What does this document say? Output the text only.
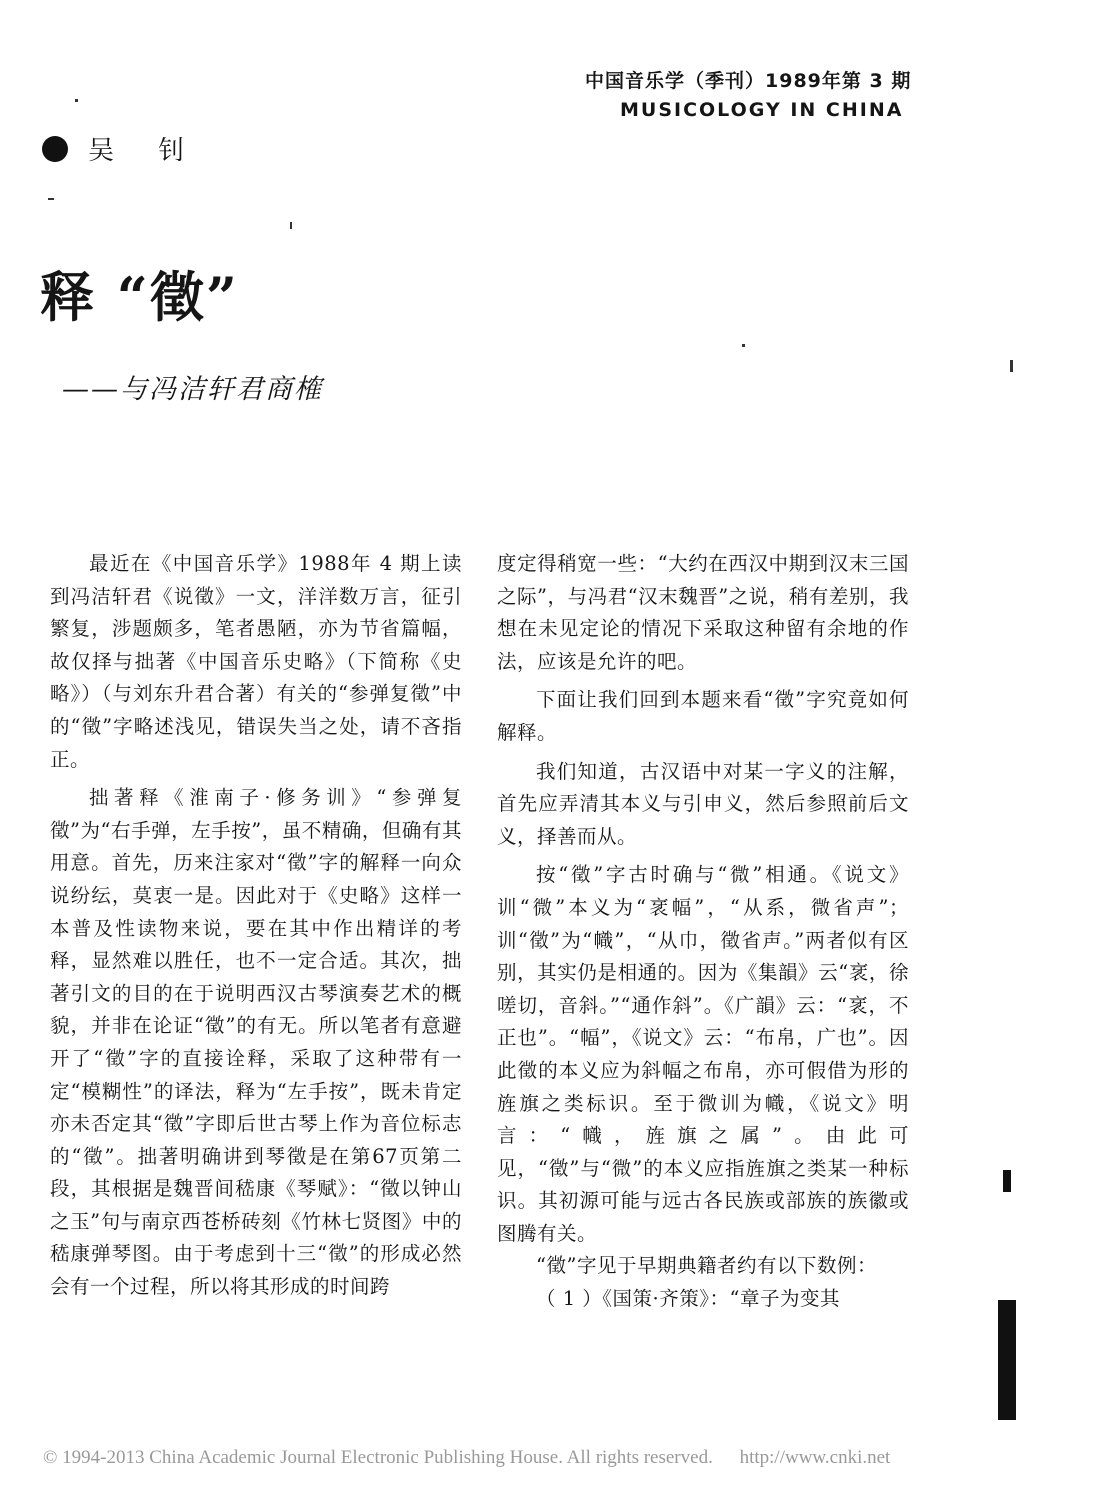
中国音乐学（季刊）1989年第 3 期
MUSICOLOGY IN CHINA
吴 钊
释 “徵”
——与冯洁轩君商榷

最近在《中国音乐学》1988年 4 期上读到冯洁轩君《说徵》一文，洋洋数万言，征引繁复，涉题颇多，笔者愚陋，亦为节省篇幅，故仅择与拙著《中国音乐史略》（下简称《史略》）（与刘东升君合著）有关的“参弹复徵”中的“徵”字略述浅见，错误失当之处，请不吝指正。

拙著释《淮南子·修务训》“参弹复徵”为“右手弹，左手按”，虽不精确，但确有其用意。首先，历来注家对“徵”字的解释一向众说纷纭，莫衷一是。因此对于《史略》这样一本普及性读物来说，要在其中作出精详的考释，显然难以胜任，也不一定合适。其次，拙著引文的目的在于说明西汉古琴演奏艺术的概貌，并非在论证“徵”的有无。所以笔者有意避开了“徵”字的直接诠释，采取了这种带有一定“模糊性”的译法，释为“左手按”，既未肯定亦未否定其“徵”字即后世古琴上作为音位标志的“徵”。拙著明确讲到琴徵是在第67页第二段，其根据是魏晋间嵇康《琴赋》：“徵以钟山之玉”句与南京西苍桥砖刻《竹林七贤图》中的嵇康弹琴图。由于考虑到十三“徵”的形成必然会有一个过程，所以将其形成的时间跨

度定得稍宽一些：“大约在西汉中期到汉末三国之际”，与冯君“汉末魏晋”之说，稍有差别，我想在未见定论的情况下采取这种留有余地的作法，应该是允许的吧。

下面让我们回到本题来看“徵”字究竟如何解释。

我们知道，古汉语中对某一字义的注解，首先应弄清其本义与引申义，然后参照前后文义，择善而从。

按“徵”字古时确与“微”相通。《说文》训“微”本义为“衺幅”，“从系，微省声”；训“徵”为“幟”，“从巾，徵省声。”两者似有区别，其实仍是相通的。因为《集韻》云“衺，徐嗟切，音斜。”“通作斜”。《广韻》云：“衺，不正也”。“幅”，《说文》云：“布帛，广也”。因此徵的本义应为斜幅之布帛，亦可假借为形的旌旗之类标识。至于微训为幟，《说文》明言：“幟，旌旗之属”。由此可见，“徵”与“微”的本义应指旌旗之类某一种标识。其初源可能与远古各民族或部族的族徽或图腾有关。

“徵”字见于早期典籍者约有以下数例：

（ 1 ）《国策·齐策》：“章子为变其

© 1994-2013 China Academic Journal Electronic Publishing House. All rights reserved. http://www.cnki.net
